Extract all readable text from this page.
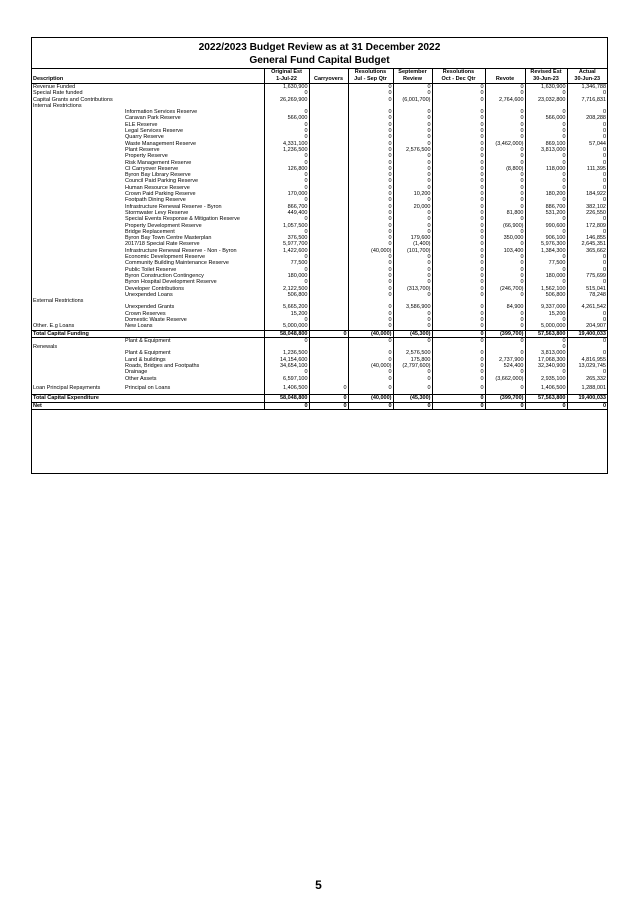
2022/2023 Budget Review as at 31 December 2022
General Fund Capital Budget
		Original Est		Resolutions	September	Resolutions		Revised Est	Actual
Description		1-Jul-22	Carryovers	Jul - Sep Qtr	Review	Oct - Dec Qtr	Revote	30-Jun-23	30-Jun-23
Revenue Funded		1,630,900		0	0	0	0	1,630,900	1,346,788
Special Rate funded		0		0	0	0	0	0	0
Capital Grants and Contributions		26,269,900		0	(6,001,700)	0	2,764,600	23,032,800	7,716,831
Internal Restrictions									
	Information Services Reserve	0		0	0	0	0	0	0
	Caravan Park Reserve	566,000		0	0	0	0	566,000	208,288
	ELE Reserve	0		0	0	0	0	0	0
	Legal Services Reserve	0		0	0	0	0	0	0
	Quarry Reserve	0		0	0	0	0	0	0
	Waste Management Reserve	4,331,100		0	0	0	(3,462,000)	869,100	57,044
	Plant Reserve	1,236,500		0	2,576,500	0	0	3,813,000	0
	Property Reserve	0		0	0	0	0	0	0
	Risk Management Reserve	0		0	0	0	0	0	0
	CI Carryover Reserve	126,800		0	0	0	(8,800)	118,000	111,395
	Byron Bay Library Reserve	0		0	0	0	0	0	0
	Council Paid Parking Reserve	0		0	0	0	0	0	0
	Human Resource Reserve	0		0	0	0	0	0	0
	Crown Paid Parking Reserve	170,000		0	10,200	0	0	180,200	184,922
	Footpath Dining Reserve	0		0	0	0	0	0	0
	Infrastructure Renewal Reserve - Byron	866,700		0	20,000	0	0	886,700	382,102
	Stormwater Levy Reserve	449,400		0	0	0	81,800	531,200	226,550
	Special Events Response & Mitigation Reserve	0		0	0	0	0	0	0
	Property Development Reserve	1,057,500		0	0	0	(66,900)	990,600	172,809
	Bridge Replacement	0		0	0	0	0	0	0
	Byron Bay Town Centre Masterplan	376,500		0	179,600	0	350,000	906,100	146,855
	2017/18 Special Rate Reserve	5,977,700		0	(1,400)	0	0	5,976,300	2,645,351
	Infrastructure Renewal Reserve - Non - Byron	1,422,600		(40,000)	(101,700)	0	103,400	1,384,300	365,662
	Economic Development Reserve	0		0	0	0	0	0	0
	Community Building Maintenance Reserve	77,500		0	0	0	0	77,500	0
	Public Toilet Reserve	0		0	0	0	0	0	0
	Byron Construction Contingency	180,000		0	0	0	0	180,000	775,699
	Byron Hospital Development Reserve	0		0	0	0	0	0	0
	Developer Contributions	2,122,500		0	(313,700)	0	(246,700)	1,562,100	515,041
	Unexpended Loans	506,800		0	0	0	0	506,800	78,248
External Restrictions									
	Unexpended Grants	5,665,200		0	3,586,900	0	84,900	9,337,000	4,261,542
	Crown Reserves	15,200		0	0	0	0	15,200	0
	Domestic Waste Reserve	0		0	0	0	0	0	0
Other. E.g Loans	New Loans	5,000,000		0	0	0	0	5,000,000	204,907
Total Capital Funding		58,048,800	0	(40,000)	(45,300)	0	(399,700)	57,563,800	19,400,033
	Plant & Equipment	0		0	0	0	0	0	0
Renewals								0	
	Plant & Equipment	1,236,500		0	2,576,500	0	0	3,813,000	0
	Land & buildings	14,154,600		0	175,800	0	2,737,900	17,068,300	4,816,955
	Roads, Bridges and Footpaths	34,654,100		(40,000)	(2,797,600)	0	524,400	32,340,900	13,029,745
	Drainage	0		0	0	0	0	0	0
	Other Assets	6,597,100		0	0	0	(3,662,000)	2,935,100	265,332

Loan Principal Repayments	Principal on Loans	1,406,500	0	0	0	0	0	1,406,500	1,288,001

Total Capital Expenditure		58,048,800	0	(40,000)	(45,300)	0	(399,700)	57,563,800	19,400,033
Net		0	0	0	0	0	0	0	0
5
